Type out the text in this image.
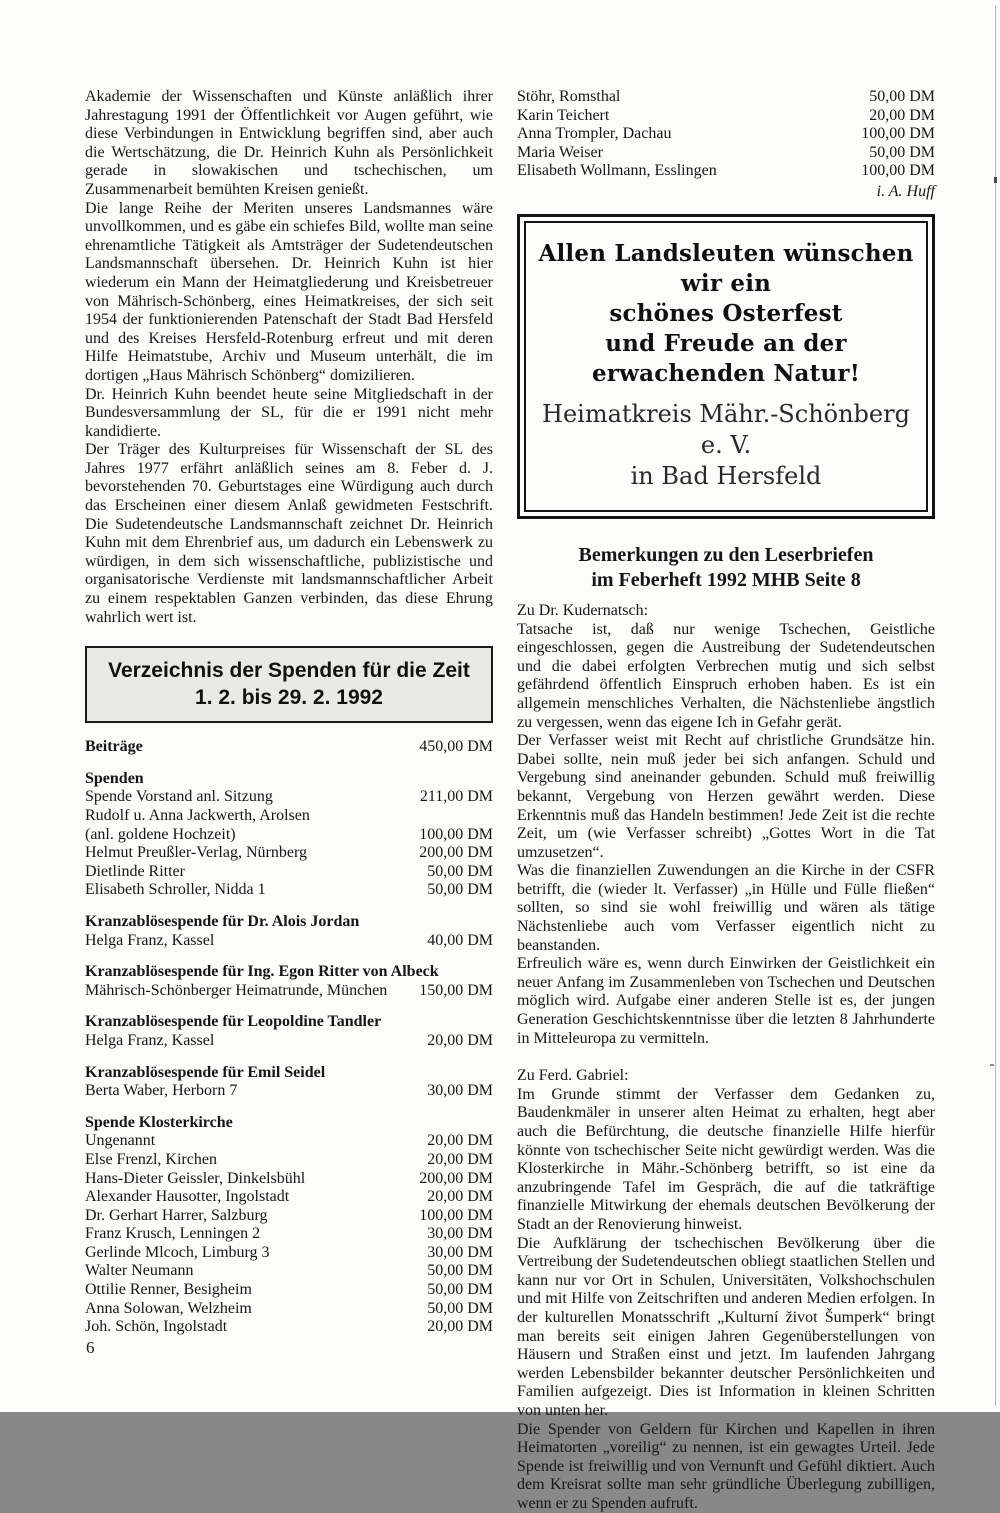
Akademie der Wissenschaften und Künste anläßlich ihrer Jahrestagung 1991 der Öffentlichkeit vor Augen geführt, wie diese Verbindungen in Entwicklung begriffen sind, aber auch die Wertschätzung, die Dr. Heinrich Kuhn als Persönlichkeit gerade in slowakischen und tschechischen, um Zusammenarbeit bemühten Kreisen genießt.

Die lange Reihe der Meriten unseres Landsmannes wäre unvollkommen, und es gäbe ein schiefes Bild, wollte man seine ehrenamtliche Tätigkeit als Amtsträger der Sudetendeutschen Landsmannschaft übersehen. Dr. Heinrich Kuhn ist hier wiederum ein Mann der Heimatgliederung und Kreisbetreuer von Mährisch-Schönberg, eines Heimatkreises, der sich seit 1954 der funktionierenden Patenschaft der Stadt Bad Hersfeld und des Kreises Hersfeld-Rotenburg erfreut und mit deren Hilfe Heimatstube, Archiv und Museum unterhält, die im dortigen „Haus Mährisch Schönberg“ domizilieren.

Dr. Heinrich Kuhn beendet heute seine Mitgliedschaft in der Bundesversammlung der SL, für die er 1991 nicht mehr kandidierte.

Der Träger des Kulturpreises für Wissenschaft der SL des Jahres 1977 erfährt anläßlich seines am 8. Feber d. J. bevorstehenden 70. Geburtstages eine Würdigung auch durch das Erscheinen einer diesem Anlaß gewidmeten Festschrift. Die Sudetendeutsche Landsmannschaft zeichnet Dr. Heinrich Kuhn mit dem Ehrenbrief aus, um dadurch ein Lebenswerk zu würdigen, in dem sich wissenschaftliche, publizistische und organisatorische Verdienste mit landsmannschaftlicher Arbeit zu einem respektablen Ganzen verbinden, das diese Ehrung wahrlich wert ist.

Verzeichnis der Spenden für die Zeit
1. 2. bis 29. 2. 1992
Beiträge	450,00 DM
Spenden
Spende Vorstand anl. Sitzung	211,00 DM
Rudolf u. Anna Jackwerth, Arolsen
(anl. goldene Hochzeit)	100,00 DM
Helmut Preußler-Verlag, Nürnberg	200,00 DM
Dietlinde Ritter	50,00 DM
Elisabeth Schroller, Nidda 1	50,00 DM
Kranzablösespende für Dr. Alois Jordan
Helga Franz, Kassel	40,00 DM
Kranzablösespende für Ing. Egon Ritter von Albeck
Mährisch-Schönberger Heimatrunde, München	150,00 DM
Kranzablösespende für Leopoldine Tandler
Helga Franz, Kassel	20,00 DM
Kranzablösespende für Emil Seidel
Berta Waber, Herborn 7	30,00 DM
Spende Klosterkirche
Ungenannt	20,00 DM
Else Frenzl, Kirchen	20,00 DM
Hans-Dieter Geissler, Dinkelsbühl	200,00 DM
Alexander Hausotter, Ingolstadt	20,00 DM
Dr. Gerhart Harrer, Salzburg	100,00 DM
Franz Krusch, Lenningen 2	30,00 DM
Gerlinde Mlcoch, Limburg 3	30,00 DM
Walter Neumann	50,00 DM
Ottilie Renner, Besigheim	50,00 DM
Anna Solowan, Welzheim	50,00 DM
Joh. Schön, Ingolstadt	20,00 DM
Stöhr, Romsthal	50,00 DM
Karin Teichert	20,00 DM
Anna Trompler, Dachau	100,00 DM
Maria Weiser	50,00 DM
Elisabeth Wollmann, Esslingen	100,00 DM
i. A. Huff
Allen Landsleuten wünschen wir ein
schönes Osterfest
und Freude an der erwachenden Natur!
Heimatkreis Mähr.-Schönberg e. V.
in Bad Hersfeld
Bemerkungen zu den Leserbriefen
im Feberheft 1992 MHB Seite 8
Zu Dr. Kudernatsch:

Tatsache ist, daß nur wenige Tschechen, Geistliche eingeschlossen, gegen die Austreibung der Sudetendeutschen und die dabei erfolgten Verbrechen mutig und sich selbst gefährdend öffentlich Einspruch erhoben haben. Es ist ein allgemein menschliches Verhalten, die Nächstenliebe ängstlich zu vergessen, wenn das eigene Ich in Gefahr gerät.

Der Verfasser weist mit Recht auf christliche Grundsätze hin. Dabei sollte, nein muß jeder bei sich anfangen. Schuld und Vergebung sind aneinander gebunden. Schuld muß freiwillig bekannt, Vergebung von Herzen gewährt werden. Diese Erkenntnis muß das Handeln bestimmen! Jede Zeit ist die rechte Zeit, um (wie Verfasser schreibt) „Gottes Wort in die Tat umzusetzen“.

Was die finanziellen Zuwendungen an die Kirche in der CSFR betrifft, die (wieder lt. Verfasser) „in Hülle und Fülle fließen“ sollten, so sind sie wohl freiwillig und wären als tätige Nächstenliebe auch vom Verfasser eigentlich nicht zu beanstanden.

Erfreulich wäre es, wenn durch Einwirken der Geistlichkeit ein neuer Anfang im Zusammenleben von Tschechen und Deutschen möglich wird. Aufgabe einer anderen Stelle ist es, der jungen Generation Geschichtskenntnisse über die letzten 8 Jahrhunderte in Mitteleuropa zu vermitteln.

Zu Ferd. Gabriel:

Im Grunde stimmt der Verfasser dem Gedanken zu, Baudenkmäler in unserer alten Heimat zu erhalten, hegt aber auch die Befürchtung, die deutsche finanzielle Hilfe hierfür könnte von tschechischer Seite nicht gewürdigt werden. Was die Klosterkirche in Mähr.-Schönberg betrifft, so ist eine da anzubringende Tafel im Gespräch, die auf die tatkräftige finanzielle Mitwirkung der ehemals deutschen Bevölkerung der Stadt an der Renovierung hinweist.

Die Aufklärung der tschechischen Bevölkerung über die Vertreibung der Sudetendeutschen obliegt staatlichen Stellen und kann nur vor Ort in Schulen, Universitäten, Volkshochschulen und mit Hilfe von Zeitschriften und anderen Medien erfolgen. In der kulturellen Monatsschrift „Kulturní život Šumperk“ bringt man bereits seit einigen Jahren Gegenüberstellungen von Häusern und Straßen einst und jetzt. Im laufenden Jahrgang werden Lebensbilder bekannter deutscher Persönlichkeiten und Familien aufgezeigt. Dies ist Information in kleinen Schritten von unten her.

Die Spender von Geldern für Kirchen und Kapellen in ihren Heimatorten „voreilig“ zu nennen, ist ein gewagtes Urteil. Jede Spende ist freiwillig und von Vernunft und Gefühl diktiert. Auch dem Kreisrat sollte man sehr gründliche Überlegung zubilligen, wenn er zu Spenden aufruft.

6
